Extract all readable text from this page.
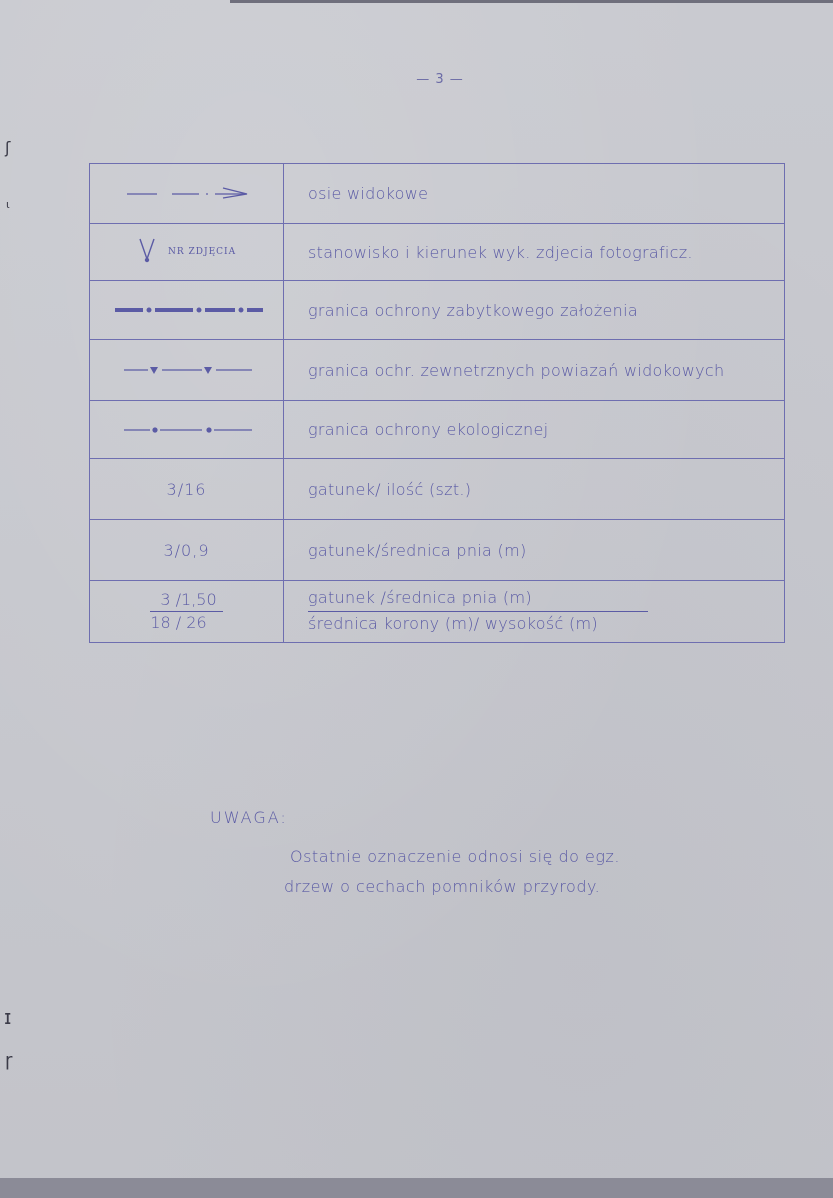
— 3 —
	osie widokowe
NR ZDJĘCIA	stanowisko i kierunek wyk. zdjecia fotograficz.

	granica ochrony zabytkowego założenia

	granica ochr. zewnetrznych powiazań widokowych

	granica ochrony ekologicznej
3/16	gatunek/ ilość (szt.)
3/0,9	gatunek/średnica pnia (m)

$\frac{3 /1,50}{18 / 26}$	$\frac{\text{gatunek /średnica pnia (m)}}{\text{średnica korony (m)/ wysokość (m)}}$
UWAGA:
Ostatnie oznaczenie odnosi się do egz.
drzew o cechach pomników przyrody.
ʃ
ɩ
ɪ
ɼ
